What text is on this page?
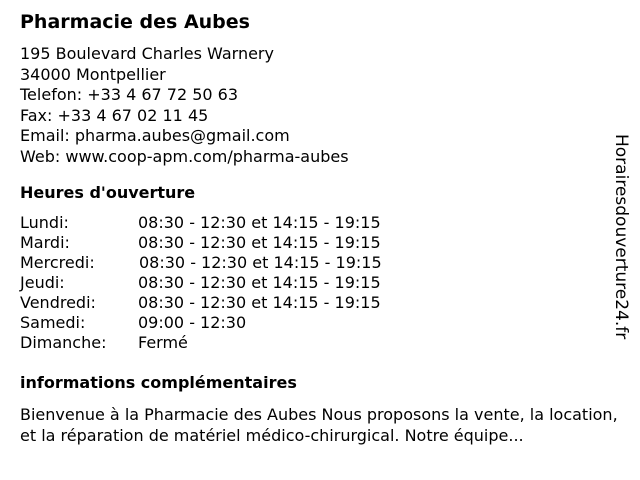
Pharmacie des Aubes
195 Boulevard Charles Warnery
34000 Montpellier
Telefon: +33 4 67 72 50 63
Fax: +33 4 67 02 11 45
Email: pharma.aubes@gmail.com
Web: www.coop-apm.com/pharma-aubes
Heures d'ouverture
Lundi:	08:30 - 12:30 et 14:15 - 19:15
Mardi:	08:30 - 12:30 et 14:15 - 19:15
Mercredi:	08:30 - 12:30 et 14:15 - 19:15
Jeudi:	08:30 - 12:30 et 14:15 - 19:15
Vendredi:	08:30 - 12:30 et 14:15 - 19:15
Samedi:	09:00 - 12:30
Dimanche: Fermé
informations complémentaires
Bienvenue à la Pharmacie des Aubes Nous proposons la vente, la location, et la réparation de matériel médico-chirurgical. Notre équipe...
Horairesdouverture24.fr
